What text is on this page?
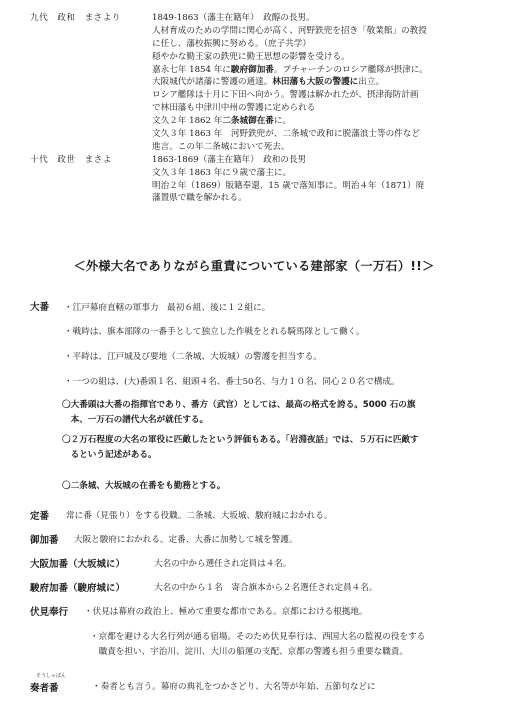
九代　政和　まさより	1849-1863（藩主在籍年）　政醇の長男。

人材育成のための学問に関心が高く、河野鉄兜を招き「敬業館」の教授

に任し、藩校振興に努める。（庶子共学）

穏やかな勤王家の鉄兜に勤王思想の影響を受ける。

嘉永七年 1854 年に駿府御加番。プチャーチンのロシア艦隊が摂津に。

大阪城代が諸藩に警護の通達。林田藩も大阪の警護に出立。

ロシア艦隊は十月に下田へ向かう。警護は解かれたが、摂津海防計画

で林田藩も中津川中州の警護に定められる

文久２年 1862 年二条城御在番に。

文久３年 1863 年　河野鉄兜が、二条城で政和に脱藩浪士等の件など

進言。この年二条城において死去。

十代　政世　まさよ	1863-1869（藩主在籍年）　政和の長男

文久３年 1863 年に９歳で藩主に。

明治２年（1869）版籍奉還、15 歳で落知事に。明治４年（1871）廃

藩置県で職を解かれる。

＜外様大名でありながら重責についている建部家（一万石）!!＞
大番 ・江戸幕府直轄の軍事力　最初６組、後に１２組に。
・戦時は、旗本部隊の一番手として独立した作戦をとれる騎馬隊として働く。
・平時は、江戸城及び要地（二条城、大坂城）の警護を担当する。
・一つの組は、(大)番頭１名、組頭４名、番士50名、与力１０名、同心２０名で構成。
〇大番頭は大番の指揮官であり、番方（武官）としては、最高の格式を誇る。5000 石の旗
　本、一万石の譜代大名が就任する。
〇２万石程度の大名の軍役に匹敵したという評価もある。「岩淵夜話」では、５万石に匹敵す
　るという記述がある。
〇二条城、大坂城の在番をも勤務とする。
定番 常に番（見張り）をする役職。二条城、大坂城、駿府城におかれる。
御加番 大阪と駿府におかれる。定番、大番に加勢して城を警護。
大阪加番（大坂城に）	大名の中から選任され定員は４名。
駿府加番（駿府城に）	大名の中から１名　寄合旗本から２名選任され定員４名。
伏見奉行 ・伏見は幕府の政治上、極めて重要な都市である。京都における根拠地。
・京都を避ける大名行列が通る宿場。そのため伏見奉行は、西国大名の監視の役をする
　職責を担い、宇治川、淀川、大川の船運の支配、京都の警護も担う重要な職責。
そうしゃばん
奏者番	・奏者とも言う。幕府の典礼をつかさどり、大名等が年始、五節句などに
